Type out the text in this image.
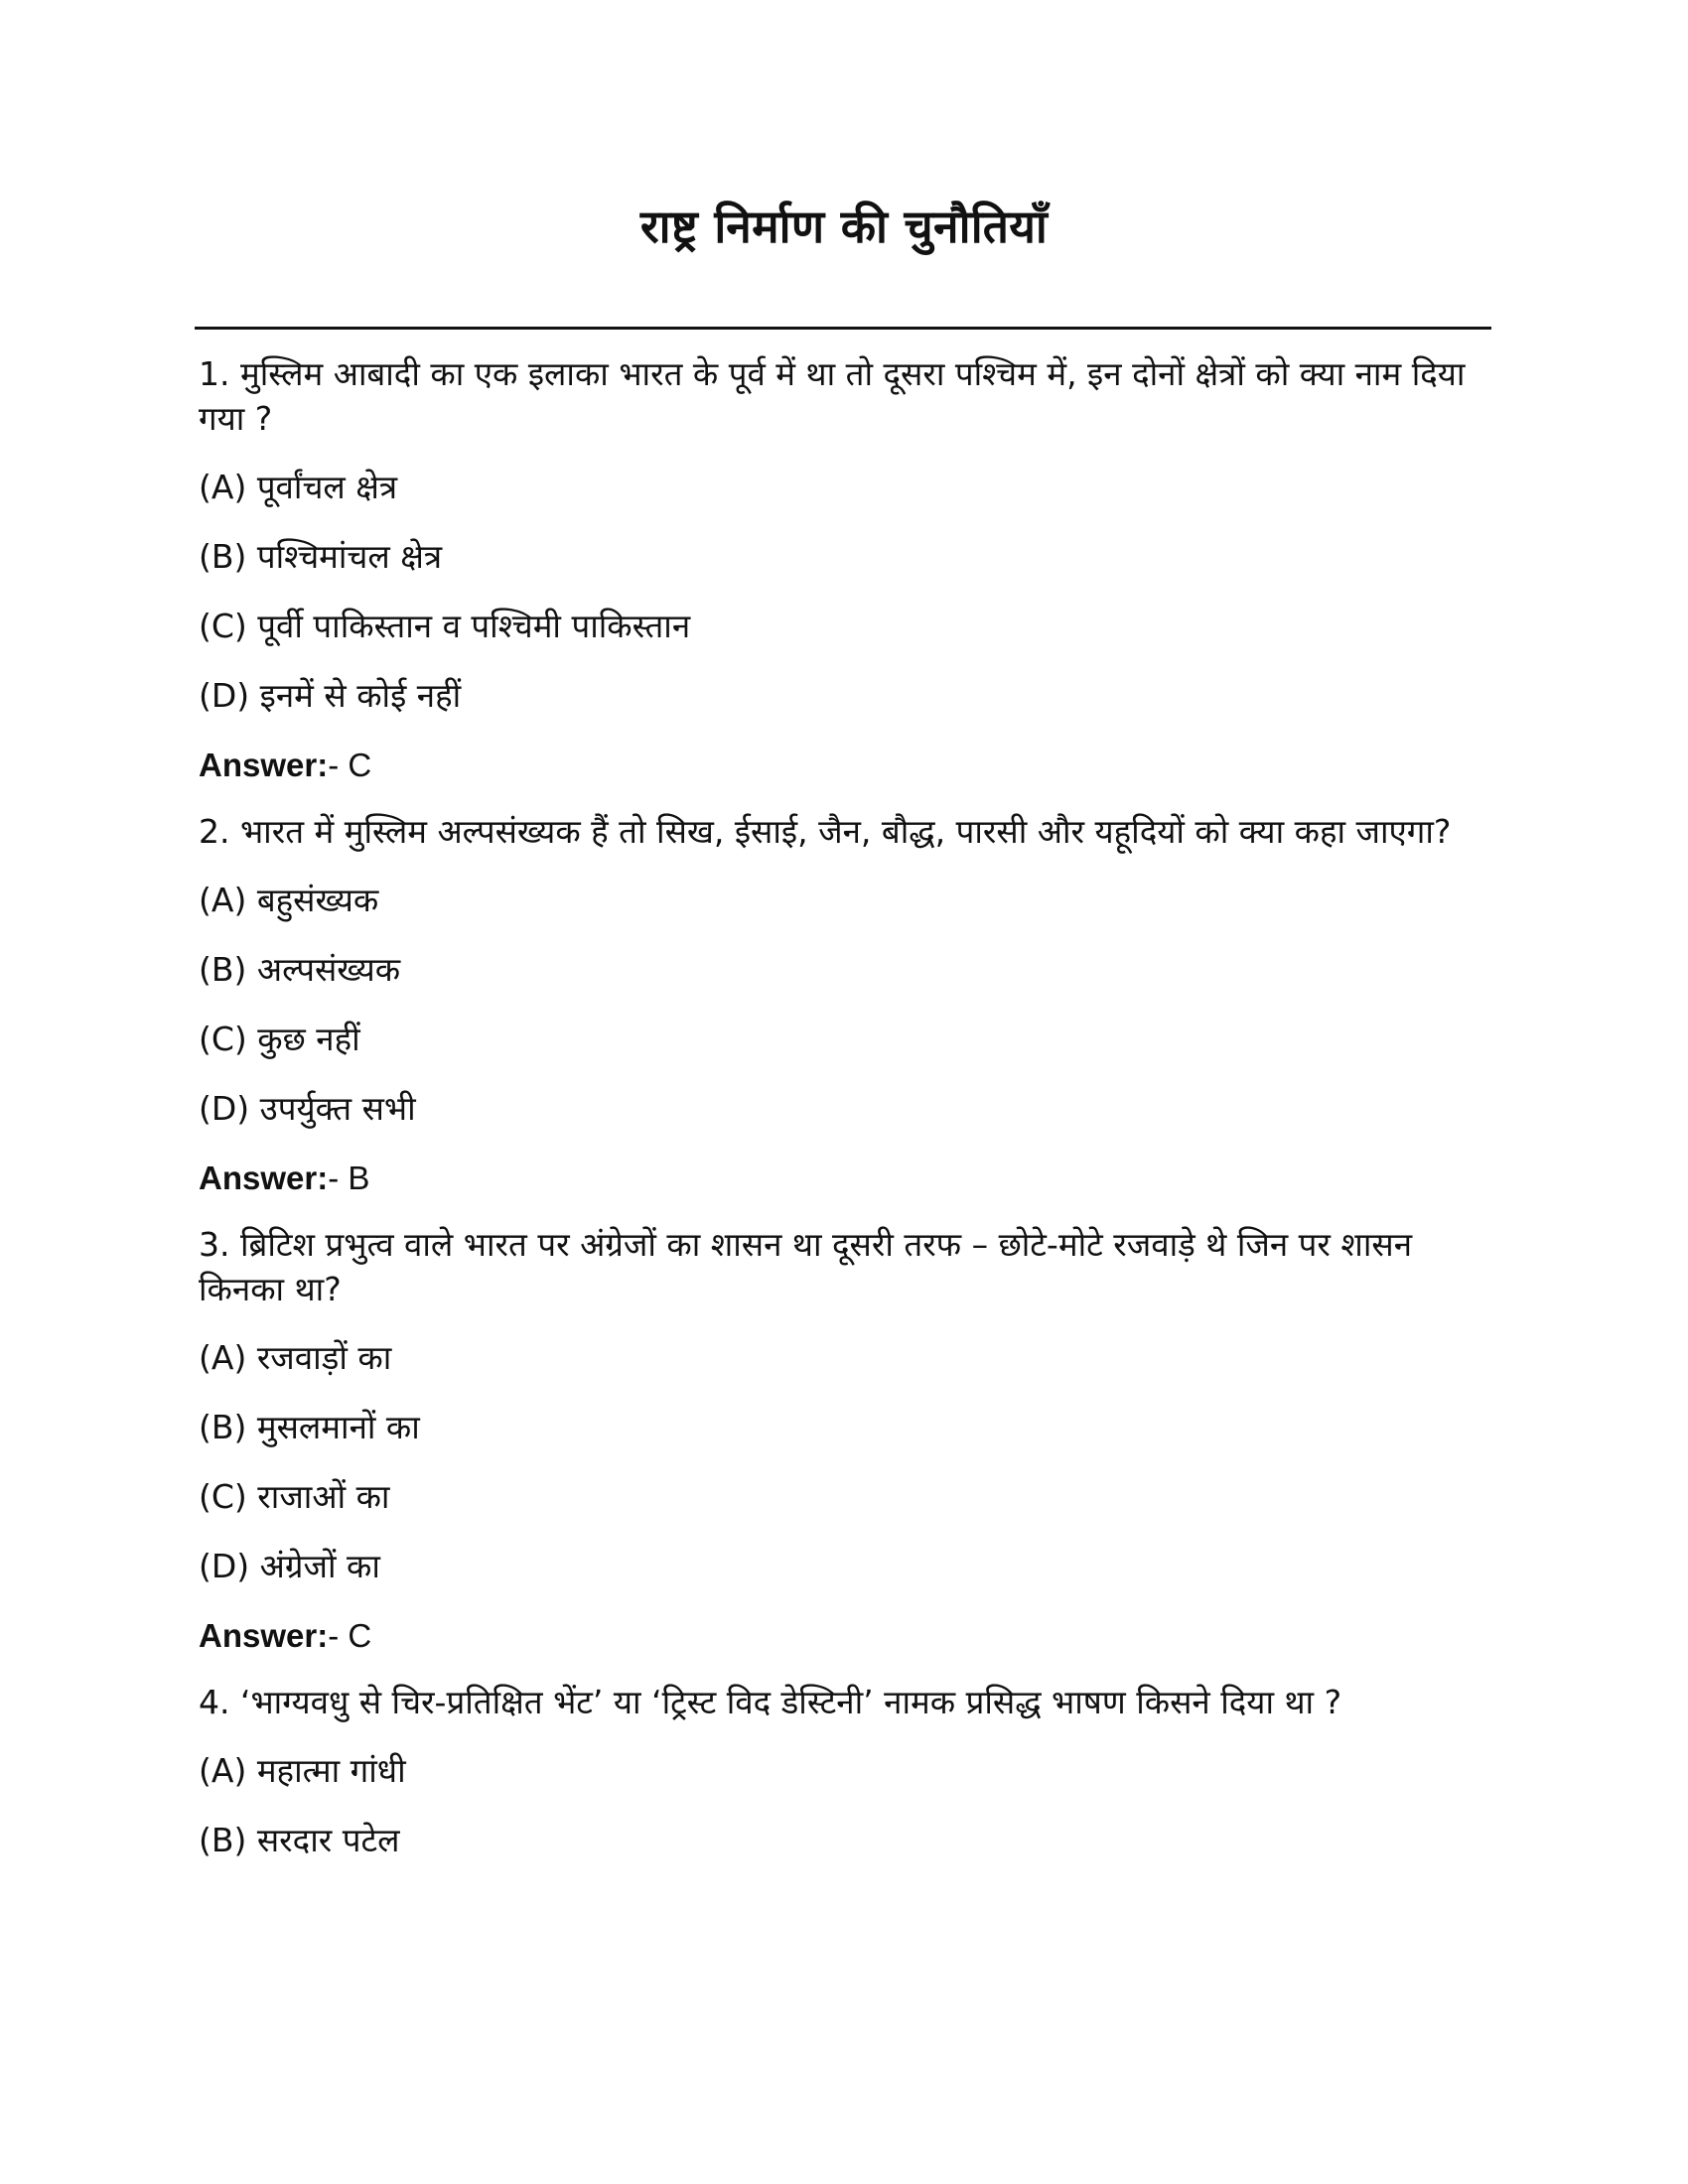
राष्ट्र निर्माण की चुनौतियाँ

1. मुस्लिम आबादी का एक इलाका भारत के पूर्व में था तो दूसरा पश्चिम में, इन दोनों क्षेत्रों को क्या नाम दिया गया ?

(A) पूर्वांचल क्षेत्र

(B) पश्चिमांचल क्षेत्र

(C) पूर्वी पाकिस्तान व पश्चिमी पाकिस्तान

(D) इनमें से कोई नहीं

Answer:- C

2. भारत में मुस्लिम अल्पसंख्यक हैं तो सिख, ईसाई, जैन, बौद्ध, पारसी और यहूदियों को क्या कहा जाएगा?

(A) बहुसंख्यक

(B) अल्पसंख्यक

(C) कुछ नहीं

(D) उपर्युक्त सभी

Answer:- B

3. ब्रिटिश प्रभुत्व वाले भारत पर अंग्रेजों का शासन था दूसरी तरफ – छोटे-मोटे रजवाड़े थे जिन पर शासन किनका था?

(A) रजवाड़ों का

(B) मुसलमानों का

(C) राजाओं का

(D) अंग्रेजों का

Answer:- C

4. ‘भाग्यवधु से चिर-प्रतिक्षित भेंट’ या ‘ट्रिस्ट विद डेस्टिनी’ नामक प्रसिद्ध भाषण किसने दिया था ?

(A) महात्मा गांधी

(B) सरदार पटेल
